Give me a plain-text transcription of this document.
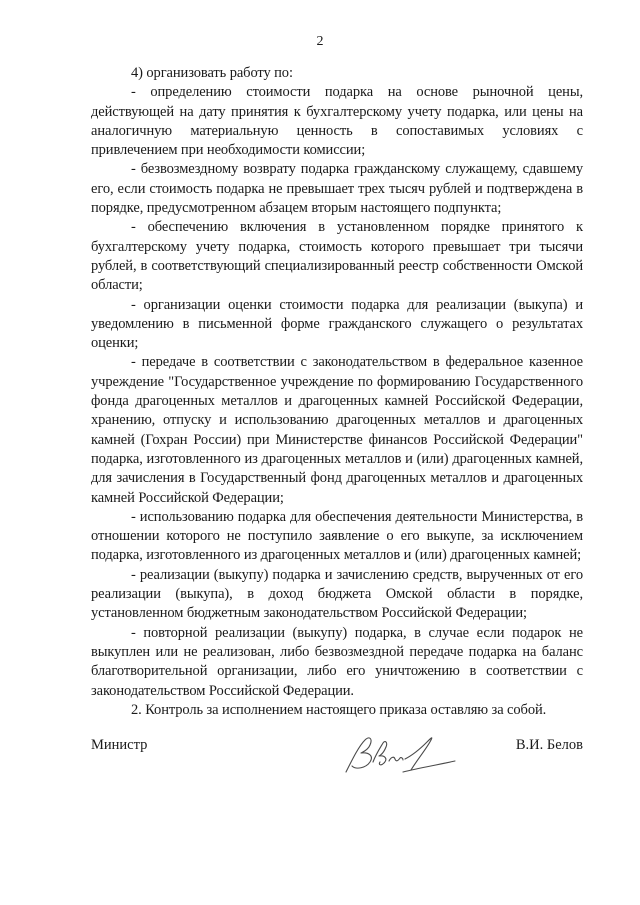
2

4) организовать работу по:

- определению стоимости подарка на основе рыночной цены, действующей на дату принятия к бухгалтерскому учету подарка, или цены на аналогичную материальную ценность в сопоставимых условиях с привлечением при необходимости комиссии;

- безвозмездному возврату подарка гражданскому служащему, сдавшему его, если стоимость подарка не превышает трех тысяч рублей и подтверждена в порядке, предусмотренном абзацем вторым настоящего подпункта;

- обеспечению включения в установленном порядке принятого к бухгалтерскому учету подарка, стоимость которого превышает три тысячи рублей, в соответствующий специализированный реестр собственности Омской области;

- организации оценки стоимости подарка для реализации (выкупа) и уведомлению в письменной форме гражданского служащего о результатах оценки;

- передаче в соответствии с законодательством в федеральное казенное учреждение "Государственное учреждение по формированию Государственного фонда драгоценных металлов и драгоценных камней Российской Федерации, хранению, отпуску и использованию драгоценных металлов и драгоценных камней (Гохран России) при Министерстве финансов Российской Федерации" подарка, изготовленного из драгоценных металлов и (или) драгоценных камней, для зачисления в Государственный фонд драгоценных металлов и драгоценных камней Российской Федерации;

- использованию подарка для обеспечения деятельности Министерства, в отношении которого не поступило заявление о его выкупе, за исключением подарка, изготовленного из драгоценных металлов и (или) драгоценных камней;

- реализации (выкупу) подарка и зачислению средств, вырученных от его реализации (выкупа), в доход бюджета Омской области в порядке, установленном бюджетным законодательством Российской Федерации;

- повторной реализации (выкупу) подарка, в случае если подарок не выкуплен или не реализован, либо безвозмездной передаче подарка на баланс благотворительной организации, либо его уничтожению в соответствии с законодательством Российской Федерации.

2. Контроль за исполнением настоящего приказа оставляю за собой.

Министр	В.И. Белов
